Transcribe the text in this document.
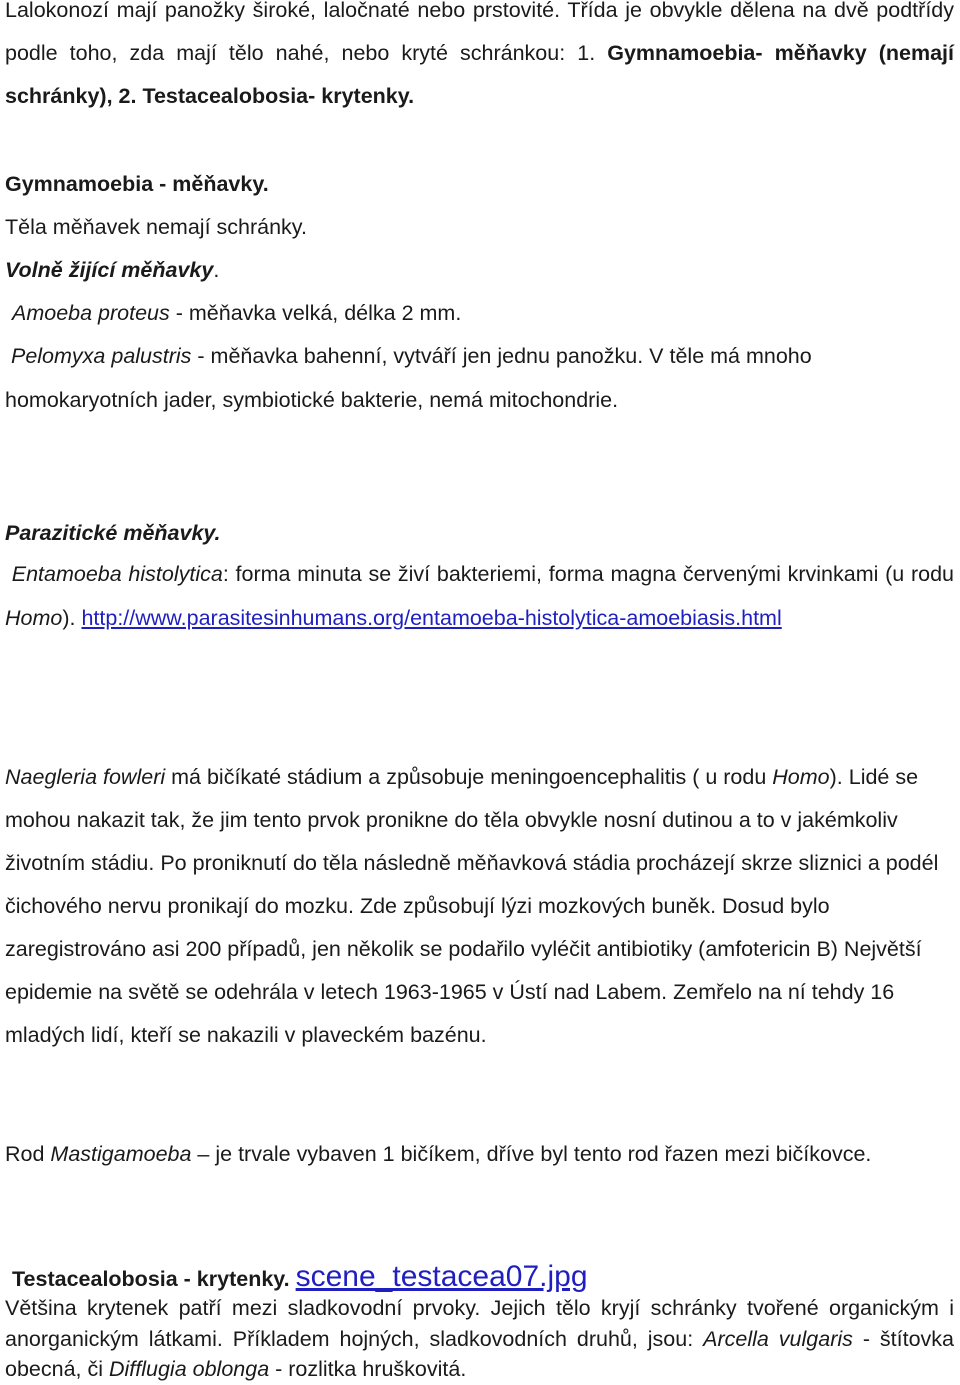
Lalokonozí mají panožky široké, laločnaté nebo prstovité. Třída je obvykle dělena na dvě podtřídy podle toho, zda mají tělo nahé, nebo kryté schránkou: 1. Gymnamoebia- měňavky (nemají schránky), 2. Testacealobosia- krytenky.

Gymnamoebia - měňavky.

Těla měňavek nemají schránky.

Volně žijící měňavky.

Amoeba proteus - měňavka velká, délka 2 mm.

Pelomyxa palustris - měňavka bahenní, vytváří jen jednu panožku. V těle má mnoho homokaryotních jader, symbiotické bakterie, nemá mitochondrie.

Parazitické měňavky.

Entamoeba histolytica: forma minuta se živí bakteriemi, forma magna červenými krvinkami (u rodu Homo). http://www.parasitesinhumans.org/entamoeba-histolytica-amoebiasis.html

Naegleria fowleri má bičíkaté stádium a způsobuje meningoencephalitis ( u rodu Homo). Lidé se mohou nakazit tak, že jim tento prvok pronikne do těla obvykle nosní dutinou a to v jakémkoliv životním stádiu. Po proniknutí do těla následně měňavková stádia procházejí skrze sliznici a podél čichového nervu pronikají do mozku. Zde způsobují lýzi mozkových buněk. Dosud bylo zaregistrováno asi 200 případů, jen několik se podařilo vyléčit antibiotiky (amfotericin B) Největší epidemie na světě se odehrála v letech 1963-1965 v Ústí nad Labem. Zemřelo na ní tehdy 16 mladých lidí, kteří se nakazili v plaveckém bazénu.

Rod Mastigamoeba – je trvale vybaven 1 bičíkem, dříve byl tento rod řazen mezi bičíkovce.

Testacealobosia - krytenky. scene_testacea07.jpg

Většina krytenek patří mezi sladkovodní prvoky. Jejich tělo kryjí schránky tvořené organickým i anorganickým látkami. Příkladem hojných, sladkovodních druhů, jsou: Arcella vulgaris - štítovka obecná, či Difflugia oblonga - rozlitka hruškovitá.
